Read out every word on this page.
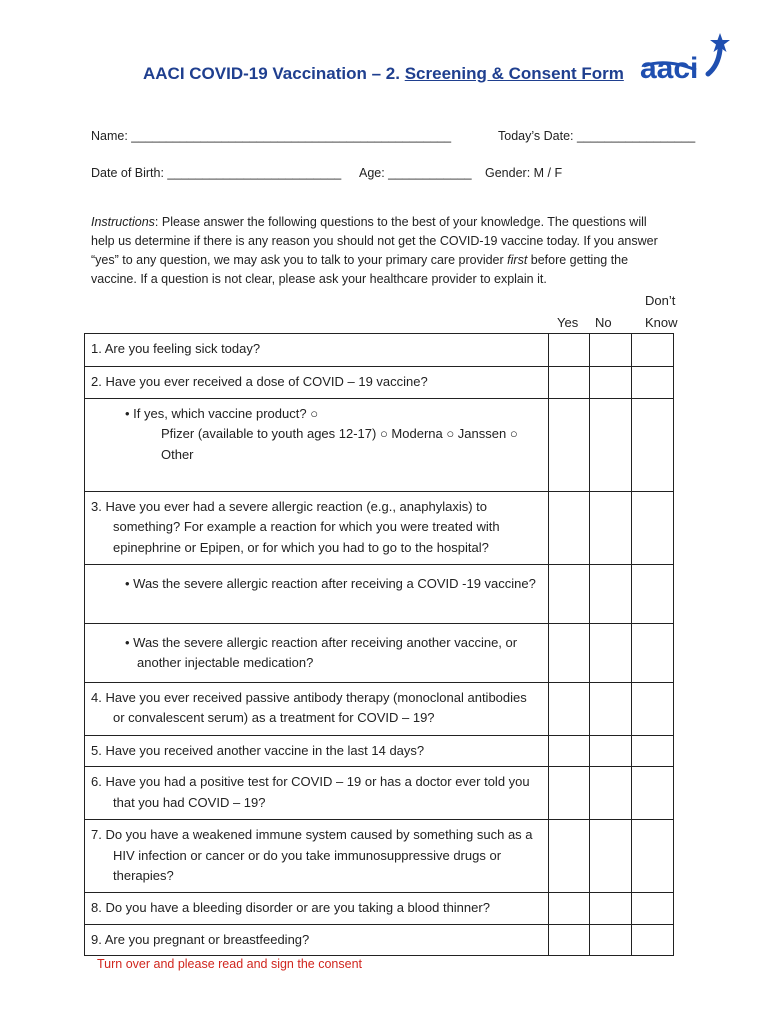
AACI COVID-19 Vaccination – 2. Screening & Consent Form aaci
Name: ______________________________________________	Today’s Date: _________________
Date of Birth: _________________________ Age: ____________ Gender: M / F
Instructions: Please answer the following questions to the best of your knowledge. The questions will help us determine if there is any reason you should not get the COVID-19 vaccine today. If you answer “yes” to any question, we may ask you to talk to your primary care provider first before getting the vaccine. If a question is not clear, please ask your healthcare provider to explain it.
Don’t
Yes No	Know
1. Are you feeling sick today?			
2. Have you ever received a dose of COVID – 19 vaccine?			

• If yes, which vaccine product? ○
Pfizer (available to youth ages 12-17) ○ Moderna ○ Janssen ○
Other			

3. Have you ever had a severe allergic reaction (e.g., anaphylaxis) to something? For example a reaction for which you were treated with epinephrine or Epipen, or for which you had to go to the hospital?			

• Was the severe allergic reaction after receiving a COVID -19 vaccine?			

• Was the severe allergic reaction after receiving another vaccine, or another injectable medication?			

4. Have you ever received passive antibody therapy (monoclonal antibodies or convalescent serum) as a treatment for COVID – 19?			

5. Have you received another vaccine in the last 14 days?			

6. Have you had a positive test for COVID – 19 or has a doctor ever told you that you had COVID – 19?			

7. Do you have a weakened immune system caused by something such as a HIV infection or cancer or do you take immunosuppressive drugs or therapies?			

8. Do you have a bleeding disorder or are you taking a blood thinner?			
9. Are you pregnant or breastfeeding?			
Turn over and please read and sign the consent
